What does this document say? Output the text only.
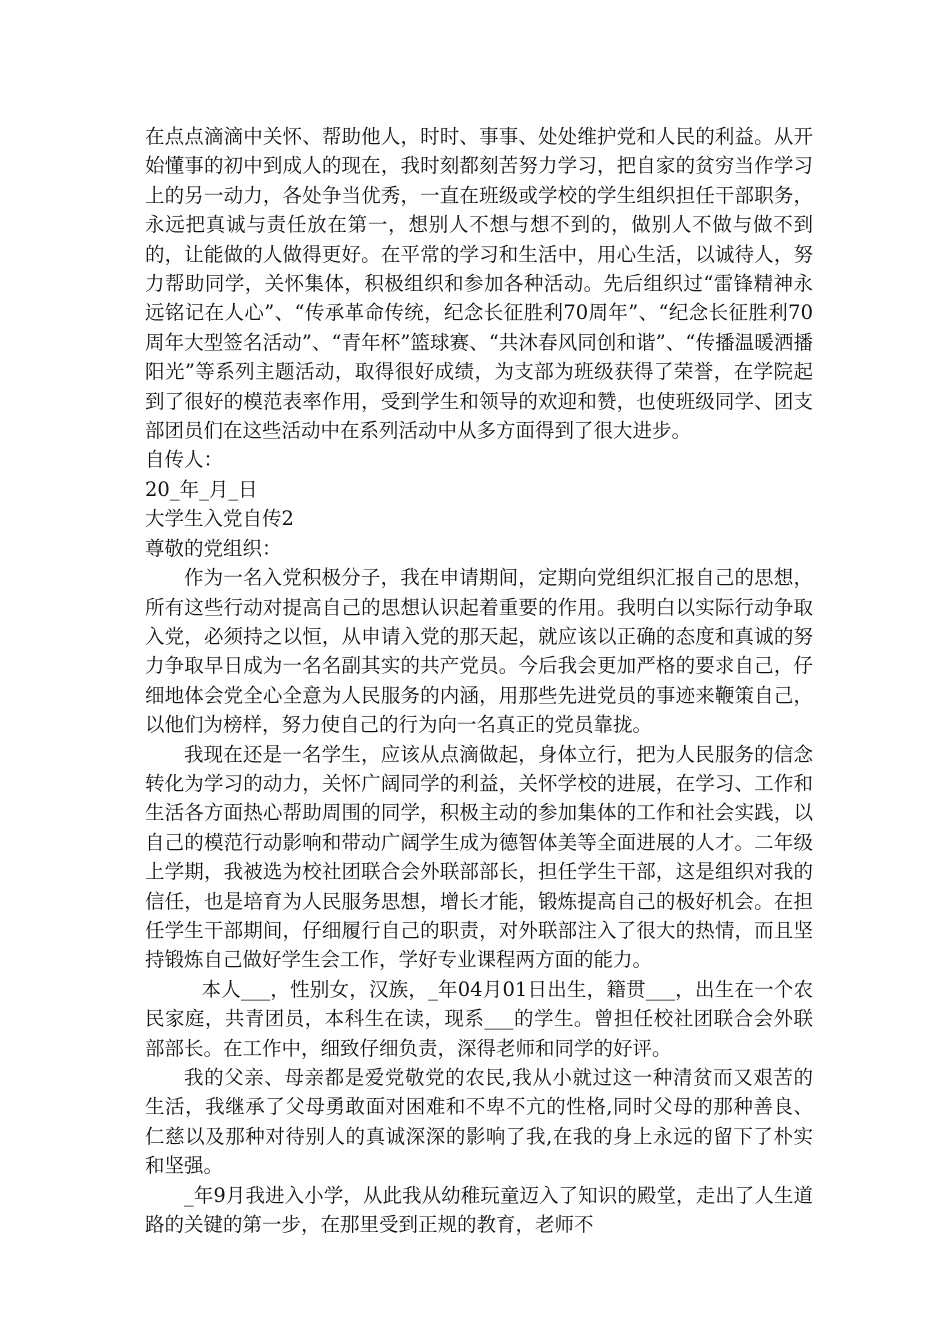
在点点滴滴中关怀、帮助他人，时时、事事、处处维护党和人民的利益。从开始懂事的初中到成人的现在，我时刻都刻苦努力学习，把自家的贫穷当作学习上的另一动力，各处争当优秀，一直在班级或学校的学生组织担任干部职务，永远把真诚与责任放在第一，想别人不想与想不到的，做别人不做与做不到的，让能做的人做得更好。在平常的学习和生活中，用心生活，以诚待人，努力帮助同学，关怀集体，积极组织和参加各种活动。先后组织过“雷锋精神永远铭记在人心”、“传承革命传统，纪念长征胜利70周年”、“纪念长征胜利70周年大型签名活动”、“青年杯”篮球赛、“共沐春风同创和谐”、“传播温暖洒播阳光”等系列主题活动，取得很好成绩，为支部为班级获得了荣誉，在学院起到了很好的模范表率作用，受到学生和领导的欢迎和赞，也使班级同学、团支部团员们在这些活动中在系列活动中从多方面得到了很大进步。

自传人：

20_年_月_日

大学生入党自传2

尊敬的党组织：

作为一名入党积极分子，我在申请期间，定期向党组织汇报自己的思想，所有这些行动对提高自己的思想认识起着重要的作用。我明白以实际行动争取入党，必须持之以恒，从申请入党的那天起，就应该以正确的态度和真诚的努力争取早日成为一名名副其实的共产党员。今后我会更加严格的要求自己，仔细地体会党全心全意为人民服务的内涵，用那些先进党员的事迹来鞭策自己，以他们为榜样，努力使自己的行为向一名真正的党员靠拢。

我现在还是一名学生，应该从点滴做起，身体立行，把为人民服务的信念转化为学习的动力，关怀广阔同学的利益，关怀学校的进展，在学习、工作和生活各方面热心帮助周围的同学，积极主动的参加集体的工作和社会实践，以自己的模范行动影响和带动广阔学生成为德智体美等全面进展的人才。二年级上学期，我被选为校社团联合会外联部部长，担任学生干部，这是组织对我的信任，也是培育为人民服务思想，增长才能，锻炼提高自己的极好机会。在担任学生干部期间，仔细履行自己的职责，对外联部注入了很大的热情，而且坚持锻炼自己做好学生会工作，学好专业课程两方面的能力。

本人___，性别女，汉族，_年04月01日出生，籍贯___，出生在一个农民家庭，共青团员，本科生在读，现系___的学生。曾担任校社团联合会外联部部长。在工作中，细致仔细负责，深得老师和同学的好评。

我的父亲、母亲都是爱党敬党的农民,我从小就过这一种清贫而又艰苦的生活，我继承了父母勇敢面对困难和不卑不亢的性格,同时父母的那种善良、仁慈以及那种对待别人的真诚深深的影响了我,在我的身上永远的留下了朴实和坚强。

_年9月我进入小学，从此我从幼稚玩童迈入了知识的殿堂，走出了人生道路的关键的第一步，在那里受到正规的教育，老师不
